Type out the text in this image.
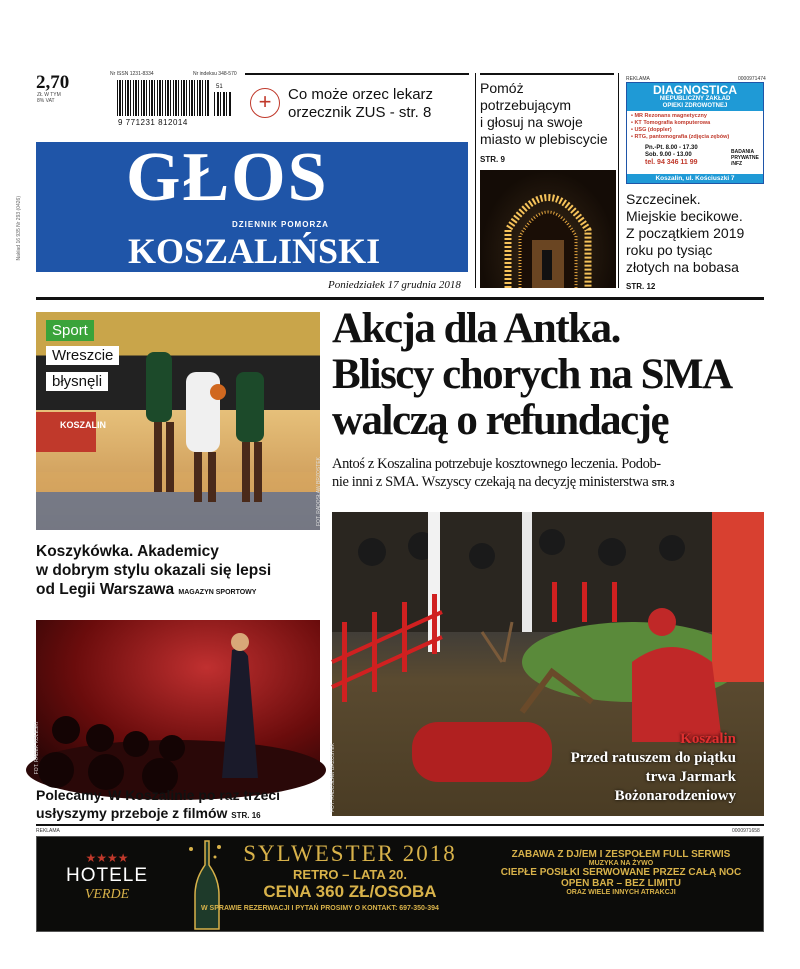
Nakład 16 935 Nr 293 (0426)
2,70
ZŁ W TYM 8% VAT
Nr ISSN 1231-8334	Nr indeksu 348-570
51
9 771231 812014
+	Co może orzec lekarz
orzecznik ZUS - str. 8
GŁOS
DZIENNIK POMORZA
KOSZALIŃSKI
Poniedziałek 17 grudnia 2018
Pomóż
potrzebującym
i głosuj na swoje
miasto w plebiscycie
STR. 9
REKLAMA	0000971474
DIAGNOSTICA
NIEPUBLICZNY ZAKŁAD
OPIEKI ZDROWOTNEJ
• MR Rezonans magnetyczny
• KT Tomografia komputerowa
• USG (doppler)
• RTG, pantomografia (zdjęcia zębów)
Pn.-Pt. 8.00 - 17.30
Sob. 9.00 - 13.00
tel. 94 346 11 99
BADANIA PRYWATNE /NFZ
Koszalin, ul. Kościuszki 7
Szczecinek.
Miejskie becikowe.
Z początkiem 2019
roku po tysiąc
złotych na bobasa
STR. 12
KOSZALIN
Sport
Wreszcie
błysnęli
FOT. RADOSŁAW BRZOSTEK
Koszykówka. Akademicy
w dobrym stylu okazali się lepsi
od Legii Warszawa MAGAZYN SPORTOWY
FOT. RADEK KOLESKI
Polecamy. W Koszalinie po raz trzeci
usłyszymy przeboje z filmów STR. 16
Akcja dla Antka.
Bliscy chorych na SMA
walczą o refundację
Antoś z Koszalina potrzebuje kosztownego leczenia. Podob-
nie inni z SMA. Wszyscy czekają na decyzję ministerstwa STR. 3
Koszalin
Przed ratuszem do piątku
trwa Jarmark
Bożonarodzeniowy
FOT. RADOSŁAW BRZOSTEK
REKLAMA	0000971658
★★★★
HOTELE
VERDE
SYLWESTER 2018
RETRO – LATA 20.
CENA 360 ZŁ/OSOBA
W SPRAWIE REZERWACJI I PYTAŃ PROSIMY O KONTAKT: 697-350-394
ZABAWA Z DJ/EM I ZESPOŁEM FULL SERWIS
MUZYKA NA ŻYWO
CIEPŁE POSIŁKI SERWOWANE PRZEZ CAŁĄ NOC
OPEN BAR – BEZ LIMITU
ORAZ WIELE INNYCH ATRAKCJI
